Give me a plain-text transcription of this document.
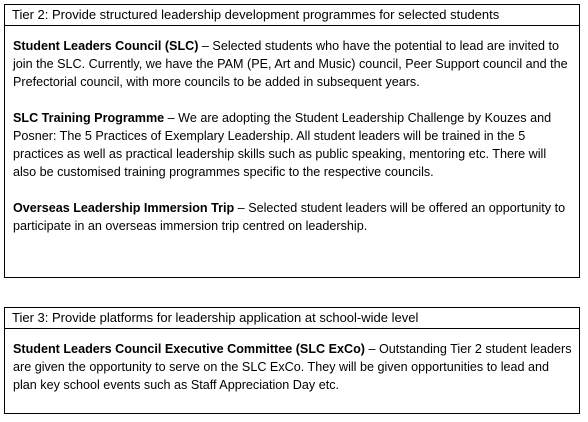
Tier 2: Provide structured leadership development programmes for selected students

Student Leaders Council (SLC) – Selected students who have the potential to lead are invited to join the SLC. Currently, we have the PAM (PE, Art and Music) council, Peer Support council and the Prefectorial council, with more councils to be added in subsequent years.

SLC Training Programme – We are adopting the Student Leadership Challenge by Kouzes and Posner: The 5 Practices of Exemplary Leadership. All student leaders will be trained in the 5 practices as well as practical leadership skills such as public speaking, mentoring etc. There will also be customised training programmes specific to the respective councils.

Overseas Leadership Immersion Trip – Selected student leaders will be offered an opportunity to participate in an overseas immersion trip centred on leadership.

Tier 3: Provide platforms for leadership application at school-wide level

Student Leaders Council Executive Committee (SLC ExCo) – Outstanding Tier 2 student leaders are given the opportunity to serve on the SLC ExCo. They will be given opportunities to lead and plan key school events such as Staff Appreciation Day etc.
